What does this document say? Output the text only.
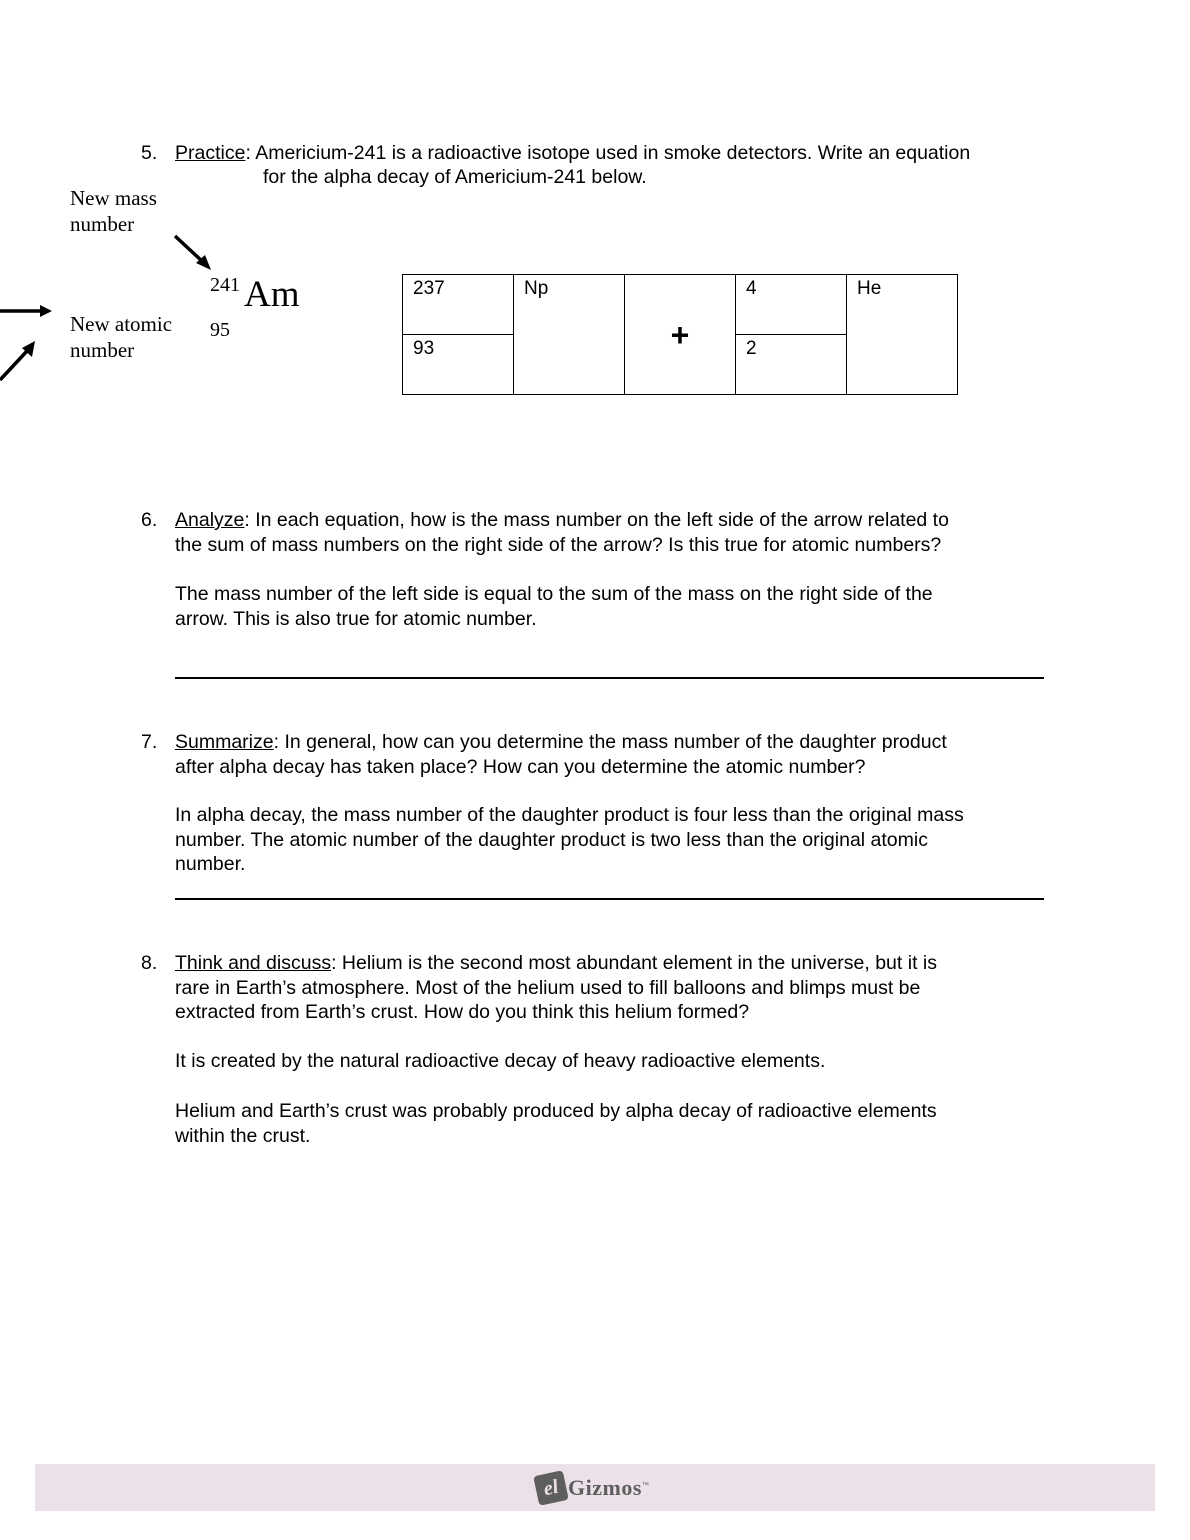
5. Practice: Americium-241 is a radioactive isotope used in smoke detectors. Write an equation
for the alpha decay of Americium-241 below.
New mass
number
New atomic
number
241 Am
95
237	Np	+	4	He
93			2	
6. Analyze: In each equation, how is the mass number on the left side of the arrow related to
the sum of mass numbers on the right side of the arrow? Is this true for atomic numbers?
The mass number of the left side is equal to the sum of the mass on the right side of the
arrow. This is also true for atomic number.
7. Summarize: In general, how can you determine the mass number of the daughter product
after alpha decay has taken place? How can you determine the atomic number?
In alpha decay, the mass number of the daughter product is four less than the original mass
number. The atomic number of the daughter product is two less than the original atomic
number.
8. Think and discuss: Helium is the second most abundant element in the universe, but it is
rare in Earth’s atmosphere. Most of the helium used to fill balloons and blimps must be
extracted from Earth’s crust. How do you think this helium formed?
It is created by the natural radioactive decay of heavy radioactive elements.
Helium and Earth’s crust was probably produced by alpha decay of radioactive elements
within the crust.
el Gizmos ™
